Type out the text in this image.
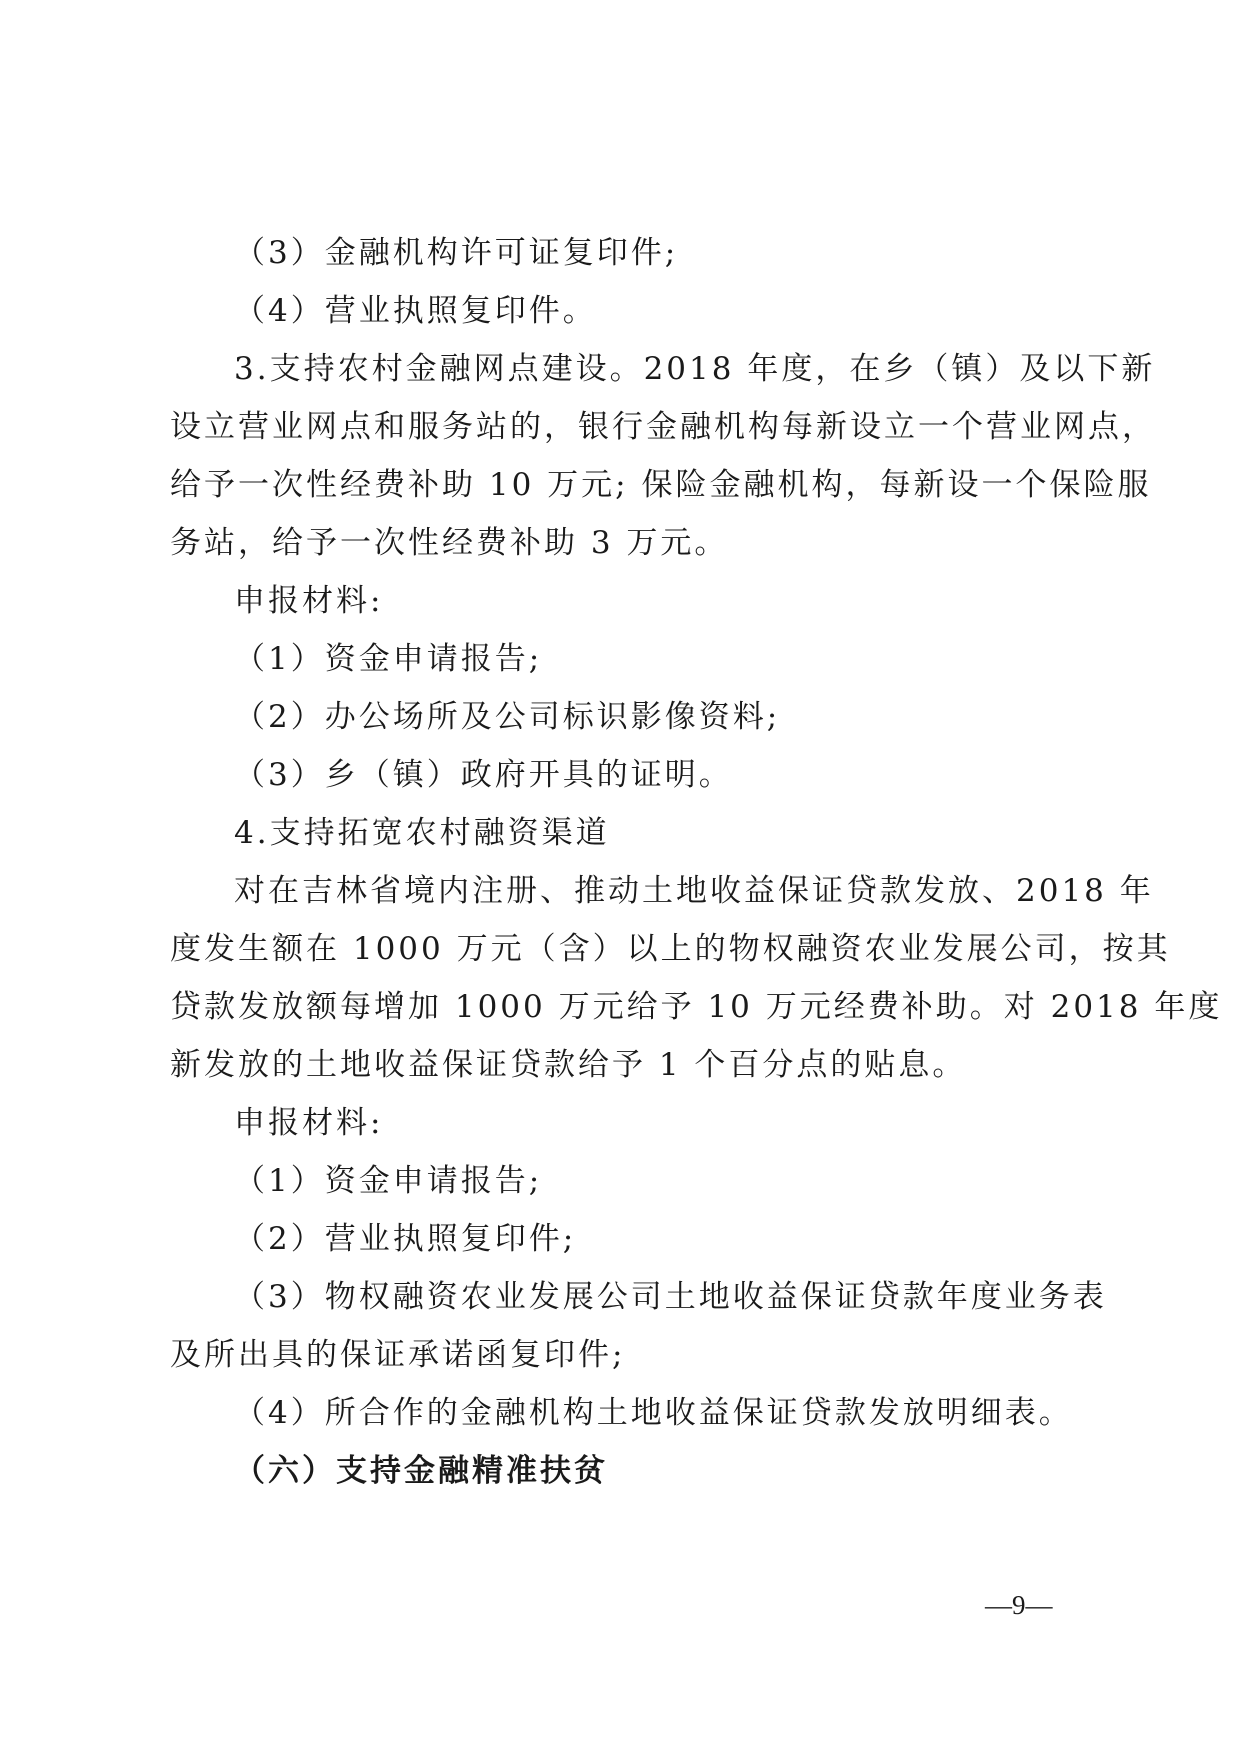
（3）金融机构许可证复印件;
（4）营业执照复印件。
3.支持农村金融网点建设。2018 年度，在乡（镇）及以下新
设立营业网点和服务站的，银行金融机构每新设立一个营业网点，
给予一次性经费补助 10 万元; 保险金融机构，每新设一个保险服
务站，给予一次性经费补助 3 万元。
申报材料:
（1）资金申请报告;
（2）办公场所及公司标识影像资料;
（3）乡（镇）政府开具的证明。
4.支持拓宽农村融资渠道
对在吉林省境内注册、推动土地收益保证贷款发放、2018 年
度发生额在 1000 万元（含）以上的物权融资农业发展公司，按其
贷款发放额每增加 1000 万元给予 10 万元经费补助。对 2018 年度
新发放的土地收益保证贷款给予 1 个百分点的贴息。
申报材料:
（1）资金申请报告;
（2）营业执照复印件;
（3）物权融资农业发展公司土地收益保证贷款年度业务表
及所出具的保证承诺函复印件;
（4）所合作的金融机构土地收益保证贷款发放明细表。
（六）支持金融精准扶贫
—9—
